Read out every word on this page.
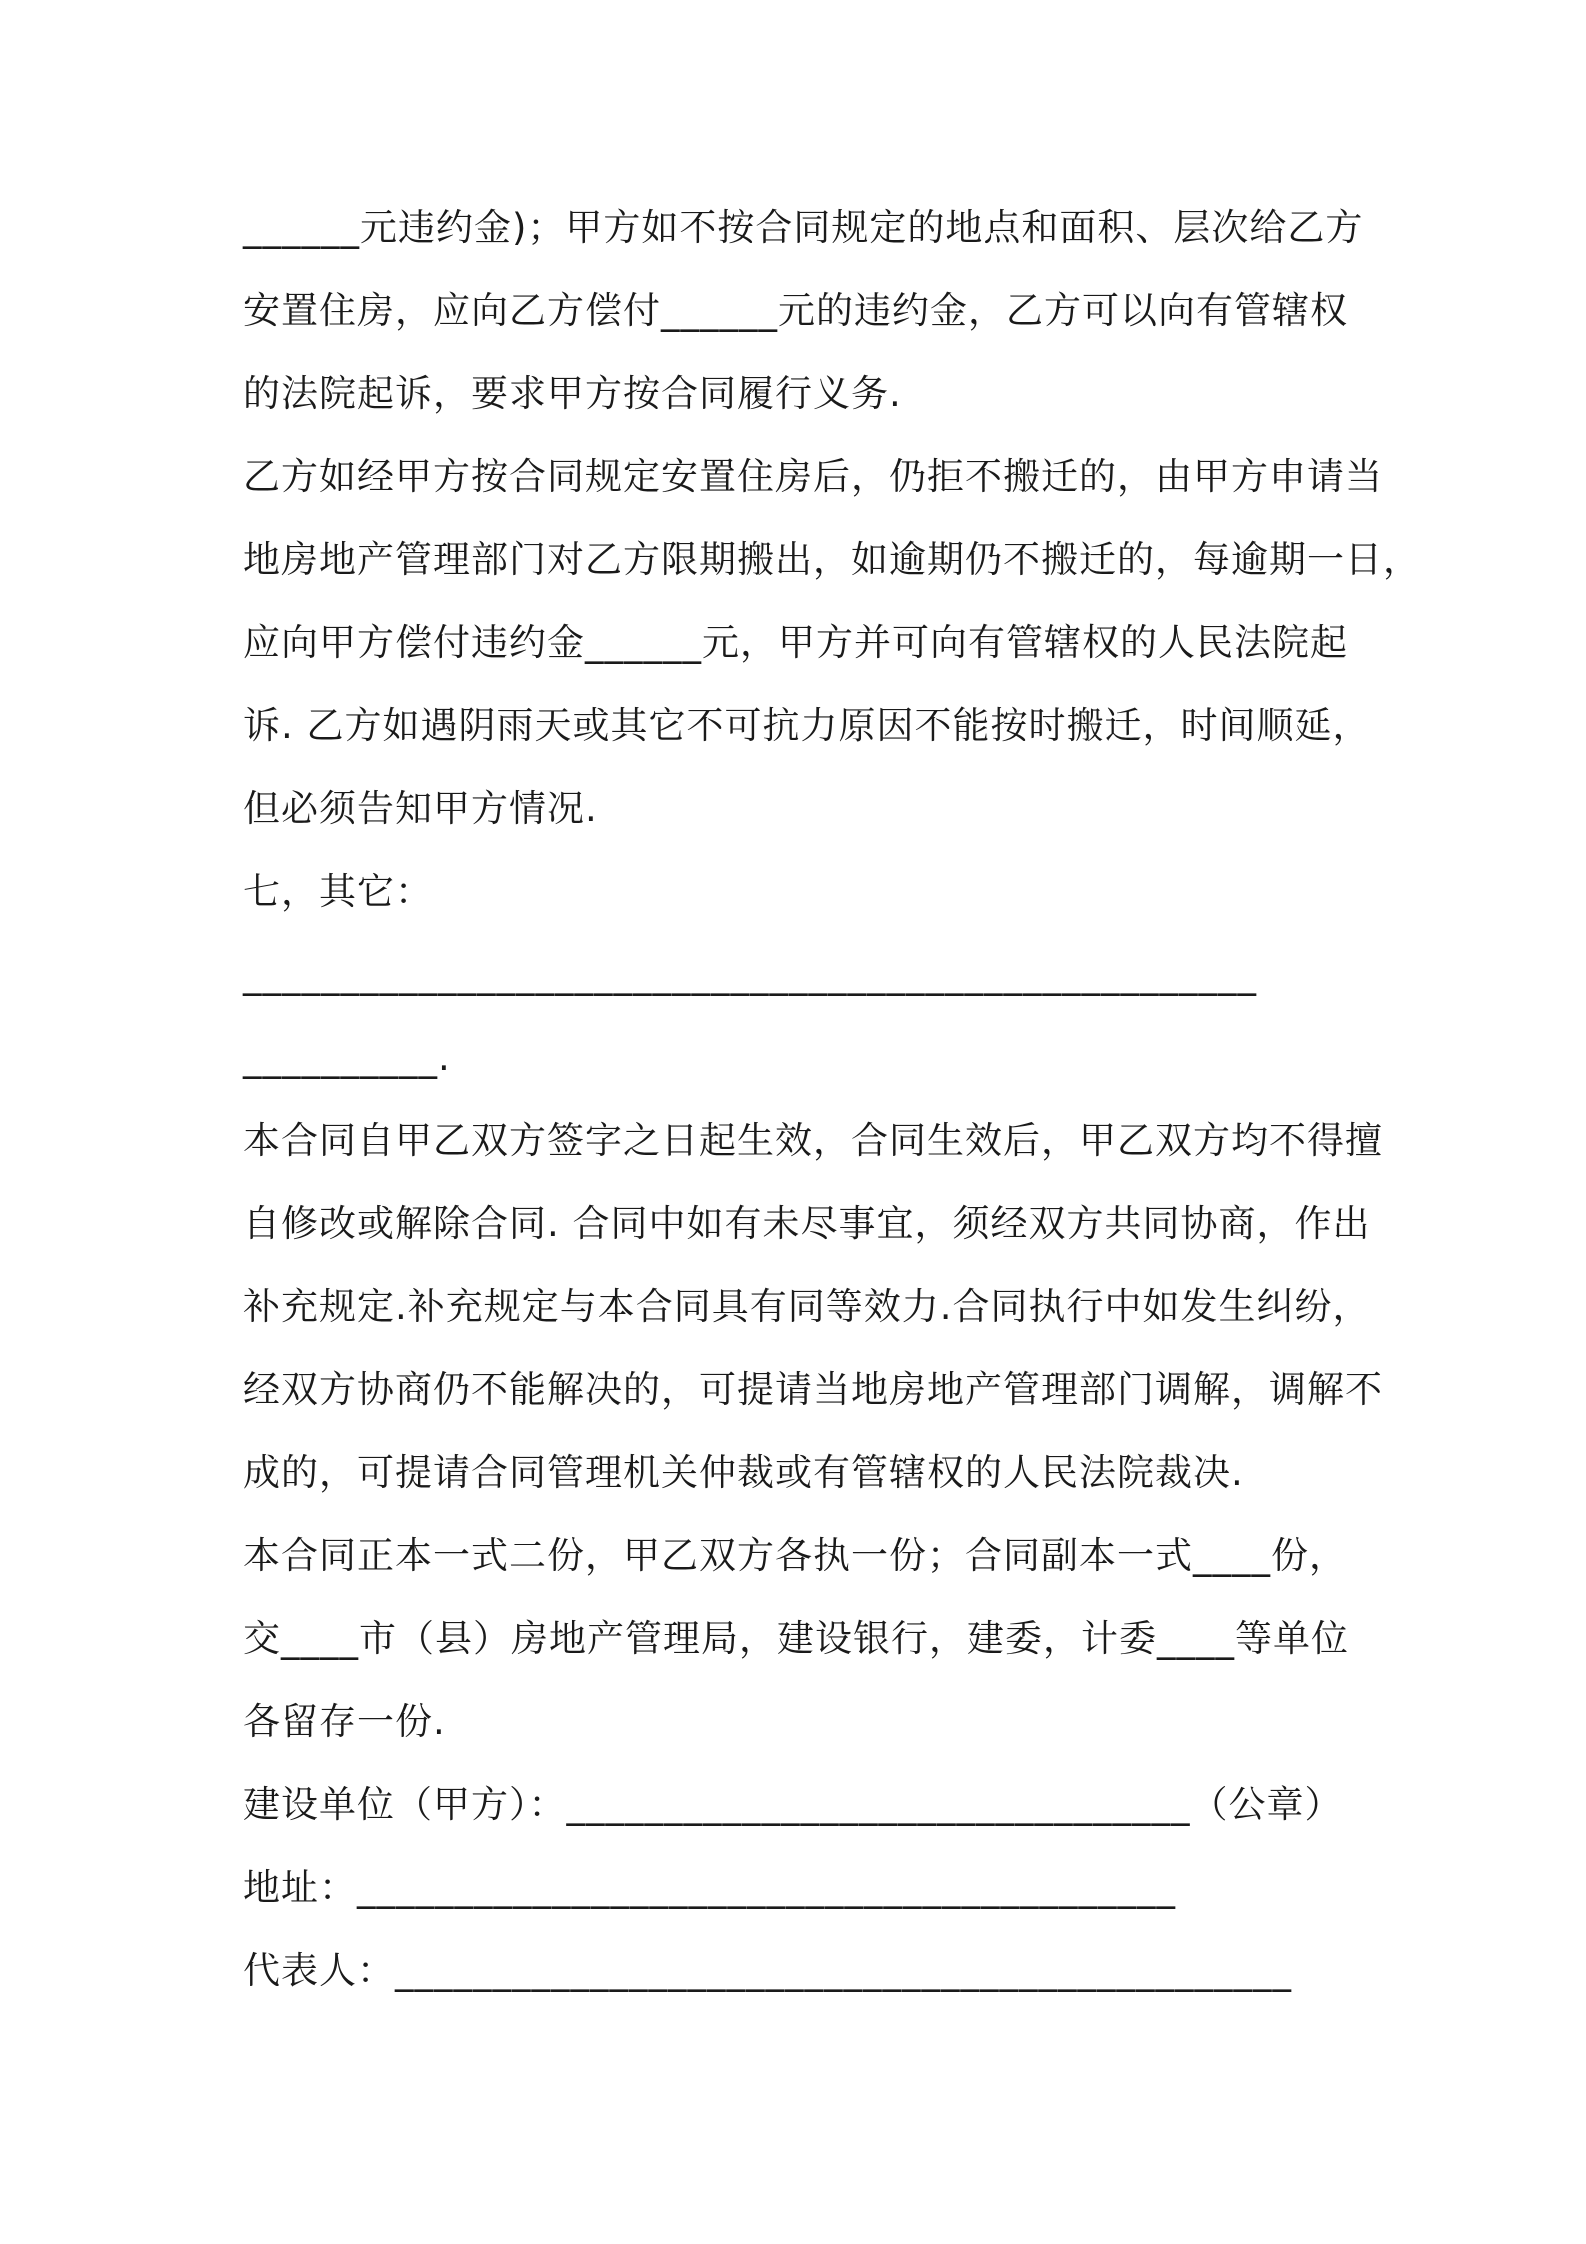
______元违约金)；甲方如不按合同规定的地点和面积、层次给乙方
安置住房，应向乙方偿付______元的违约金，乙方可以向有管辖权
的法院起诉，要求甲方按合同履行义务.
乙方如经甲方按合同规定安置住房后，仍拒不搬迁的，由甲方申请当
地房地产管理部门对乙方限期搬出，如逾期仍不搬迁的，每逾期一日，
应向甲方偿付违约金______元，甲方并可向有管辖权的人民法院起
诉. 乙方如遇阴雨天或其它不可抗力原因不能按时搬迁，时间顺延，
但必须告知甲方情况.
七，其它：
____________________________________________________
__________.
本合同自甲乙双方签字之日起生效，合同生效后，甲乙双方均不得擅
自修改或解除合同. 合同中如有未尽事宜，须经双方共同协商，作出
补充规定.补充规定与本合同具有同等效力.合同执行中如发生纠纷，
经双方协商仍不能解决的，可提请当地房地产管理部门调解，调解不
成的，可提请合同管理机关仲裁或有管辖权的人民法院裁决.
本合同正本一式二份，甲乙双方各执一份；合同副本一式____份，
交____市（县）房地产管理局，建设银行，建委，计委____等单位
各留存一份.
建设单位（甲方）：________________________________（公章）
地址：__________________________________________
代表人：______________________________________________
